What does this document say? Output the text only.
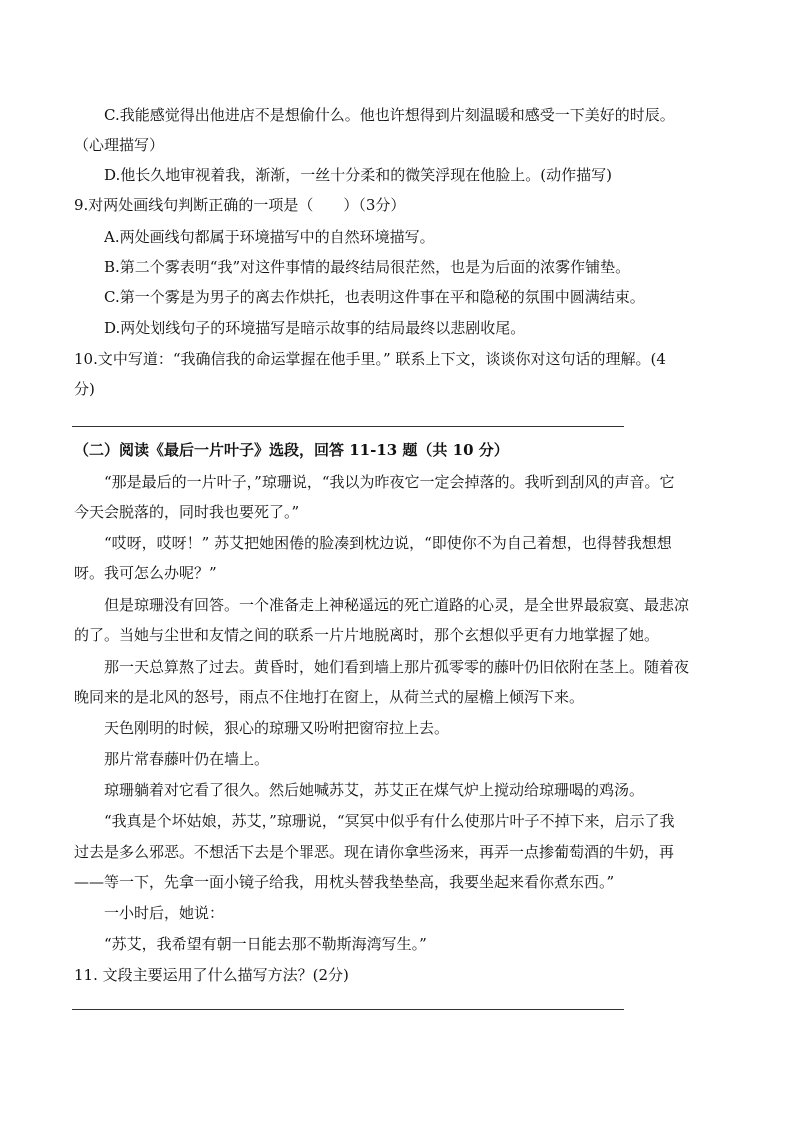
C.我能感觉得出他进店不是想偷什么。他也许想得到片刻温暖和感受一下美好的时辰。
（心理描写）
D.他长久地审视着我，渐渐，一丝十分柔和的微笑浮现在他脸上。(动作描写)
9.对两处画线句判断正确的一项是（　　）（3分）
A.两处画线句都属于环境描写中的自然环境描写。
B.第二个雾表明“我”对这件事情的最终结局很茫然，也是为后面的浓雾作铺垫。
C.第一个雾是为男子的离去作烘托，也表明这件事在平和隐秘的氛围中圆满结束。
D.两处划线句子的环境描写是暗示故事的结局最终以悲剧收尾。
10.文中写道：“我确信我的命运掌握在他手里。” 联系上下文，谈谈你对这句话的理解。(4
分)
（二）阅读《最后一片叶子》选段，回答 11-13 题（共 10 分）
“那是最后的一片叶子，”琼珊说，“我以为昨夜它一定会掉落的。我听到刮风的声音。它
今天会脱落的，同时我也要死了。”
“哎呀，哎呀！” 苏艾把她困倦的脸凑到枕边说，“即使你不为自己着想，也得替我想想
呀。我可怎么办呢？”
但是琼珊没有回答。一个准备走上神秘遥远的死亡道路的心灵，是全世界最寂寞、最悲凉
的了。当她与尘世和友情之间的联系一片片地脱离时，那个玄想似乎更有力地掌握了她。
那一天总算熬了过去。黄昏时，她们看到墙上那片孤零零的藤叶仍旧依附在茎上。随着夜
晚同来的是北风的怒号，雨点不住地打在窗上，从荷兰式的屋檐上倾泻下来。
天色刚明的时候，狠心的琼珊又吩咐把窗帘拉上去。
那片常春藤叶仍在墙上。
琼珊躺着对它看了很久。然后她喊苏艾，苏艾正在煤气炉上搅动给琼珊喝的鸡汤。
“我真是个坏姑娘，苏艾，”琼珊说，“冥冥中似乎有什么使那片叶子不掉下来，启示了我
过去是多么邪恶。不想活下去是个罪恶。现在请你拿些汤来，再弄一点掺葡萄酒的牛奶，再
——等一下，先拿一面小镜子给我，用枕头替我垫垫高，我要坐起来看你煮东西。”
一小时后，她说：
“苏艾，我希望有朝一日能去那不勒斯海湾写生。”
11. 文段主要运用了什么描写方法？(2分)
